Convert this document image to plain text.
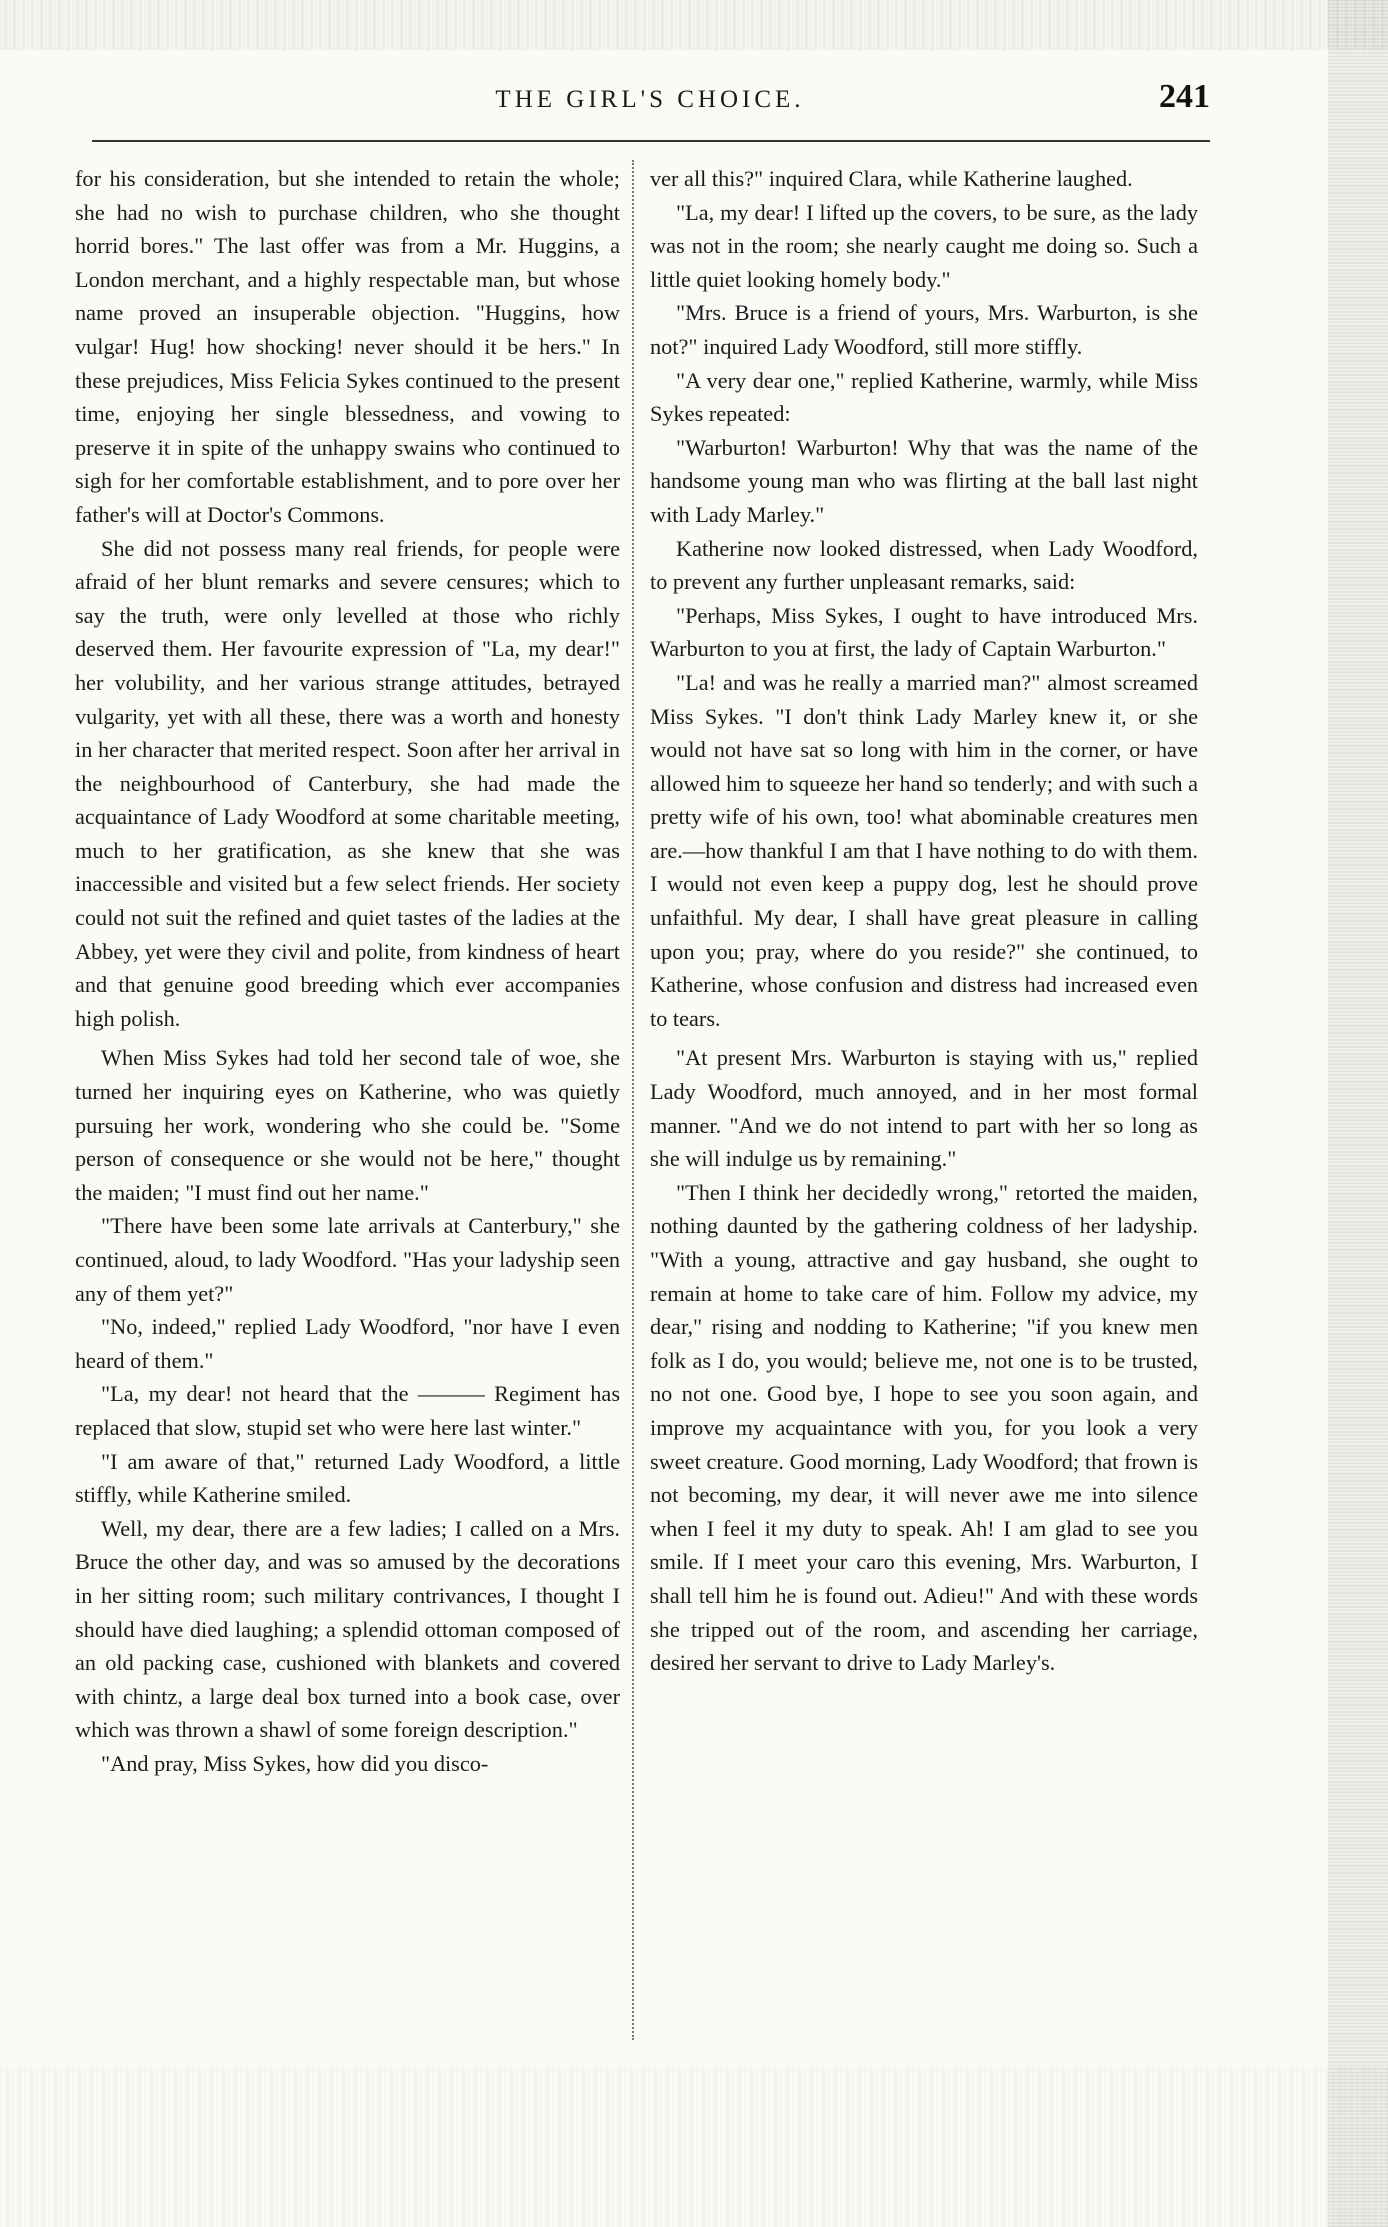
THE GIRL'S CHOICE.	241

for his consideration, but she intended to retain the whole; she had no wish to purchase children, who she thought horrid bores." The last offer was from a Mr. Huggins, a London merchant, and a highly respectable man, but whose name proved an insuperable objection. "Huggins, how vulgar! Hug! how shocking! never should it be hers." In these prejudices, Miss Felicia Sykes continued to the present time, enjoying her single blessedness, and vowing to preserve it in spite of the unhappy swains who continued to sigh for her comfortable establishment, and to pore over her father's will at Doctor's Commons.

She did not possess many real friends, for people were afraid of her blunt remarks and severe censures; which to say the truth, were only levelled at those who richly deserved them. Her favourite expression of "La, my dear!" her volubility, and her various strange attitudes, betrayed vulgarity, yet with all these, there was a worth and honesty in her character that merited respect. Soon after her arrival in the neighbourhood of Canterbury, she had made the acquaintance of Lady Woodford at some charitable meeting, much to her gratification, as she knew that she was inaccessible and visited but a few select friends. Her society could not suit the refined and quiet tastes of the ladies at the Abbey, yet were they civil and polite, from kindness of heart and that genuine good breeding which ever accompanies high polish.

When Miss Sykes had told her second tale of woe, she turned her inquiring eyes on Katherine, who was quietly pursuing her work, wondering who she could be. "Some person of consequence or she would not be here," thought the maiden; "I must find out her name."

"There have been some late arrivals at Canterbury," she continued, aloud, to lady Woodford. "Has your ladyship seen any of them yet?"

"No, indeed," replied Lady Woodford, "nor have I even heard of them."

"La, my dear! not heard that the ——— Regiment has replaced that slow, stupid set who were here last winter."

"I am aware of that," returned Lady Woodford, a little stiffly, while Katherine smiled.

Well, my dear, there are a few ladies; I called on a Mrs. Bruce the other day, and was so amused by the decorations in her sitting room; such military contrivances, I thought I should have died laughing; a splendid ottoman composed of an old packing case, cushioned with blankets and covered with chintz, a large deal box turned into a book case, over which was thrown a shawl of some foreign description."

"And pray, Miss Sykes, how did you disco-

ver all this?" inquired Clara, while Katherine laughed.

"La, my dear! I lifted up the covers, to be sure, as the lady was not in the room; she nearly caught me doing so. Such a little quiet looking homely body."

"Mrs. Bruce is a friend of yours, Mrs. Warburton, is she not?" inquired Lady Woodford, still more stiffly.

"A very dear one," replied Katherine, warmly, while Miss Sykes repeated:

"Warburton! Warburton! Why that was the name of the handsome young man who was flirting at the ball last night with Lady Marley."

Katherine now looked distressed, when Lady Woodford, to prevent any further unpleasant remarks, said:

"Perhaps, Miss Sykes, I ought to have introduced Mrs. Warburton to you at first, the lady of Captain Warburton."

"La! and was he really a married man?" almost screamed Miss Sykes. "I don't think Lady Marley knew it, or she would not have sat so long with him in the corner, or have allowed him to squeeze her hand so tenderly; and with such a pretty wife of his own, too! what abominable creatures men are.—how thankful I am that I have nothing to do with them. I would not even keep a puppy dog, lest he should prove unfaithful. My dear, I shall have great pleasure in calling upon you; pray, where do you reside?" she continued, to Katherine, whose confusion and distress had increased even to tears.

"At present Mrs. Warburton is staying with us," replied Lady Woodford, much annoyed, and in her most formal manner. "And we do not intend to part with her so long as she will indulge us by remaining."

"Then I think her decidedly wrong," retorted the maiden, nothing daunted by the gathering coldness of her ladyship. "With a young, attractive and gay husband, she ought to remain at home to take care of him. Follow my advice, my dear," rising and nodding to Katherine; "if you knew men folk as I do, you would; believe me, not one is to be trusted, no not one. Good bye, I hope to see you soon again, and improve my acquaintance with you, for you look a very sweet creature. Good morning, Lady Woodford; that frown is not becoming, my dear, it will never awe me into silence when I feel it my duty to speak. Ah! I am glad to see you smile. If I meet your caro this evening, Mrs. Warburton, I shall tell him he is found out. Adieu!" And with these words she tripped out of the room, and ascending her carriage, desired her servant to drive to Lady Marley's.
